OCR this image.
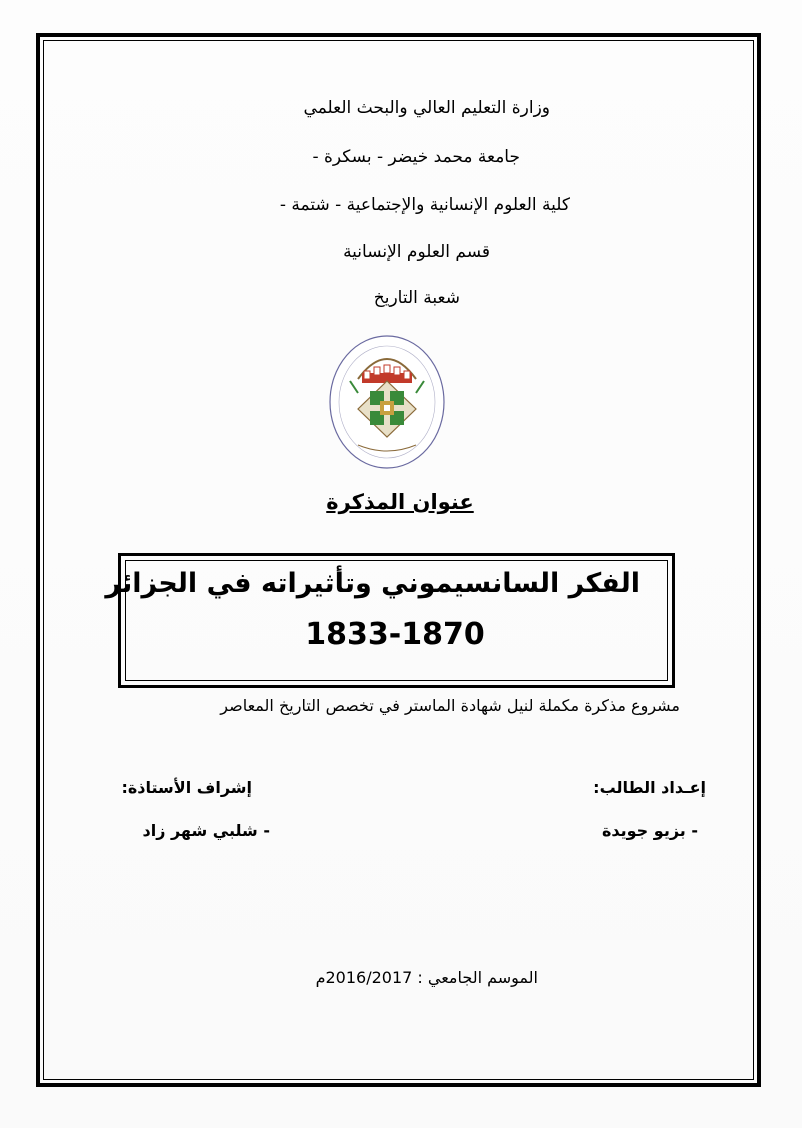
وزارة التعليم العالي والبحث العلمي
جامعة محمد خيضر - بسكرة -
كلية العلوم الإنسانية والإجتماعية - شتمة -
قسم العلوم الإنسانية
شعبة التاريخ
عنوان المذكرة
الفكر السانسيموني وتأثيراته في الجزائر
1833-1870
مشروع مذكرة مكملة لنيل شهادة الماستر في تخصص التاريخ المعاصر
إعـداد الطالب:
إشراف الأستاذة:
- بزيو جويدة
- شلبي شهر زاد
الموسم الجامعي : 2016/2017م
